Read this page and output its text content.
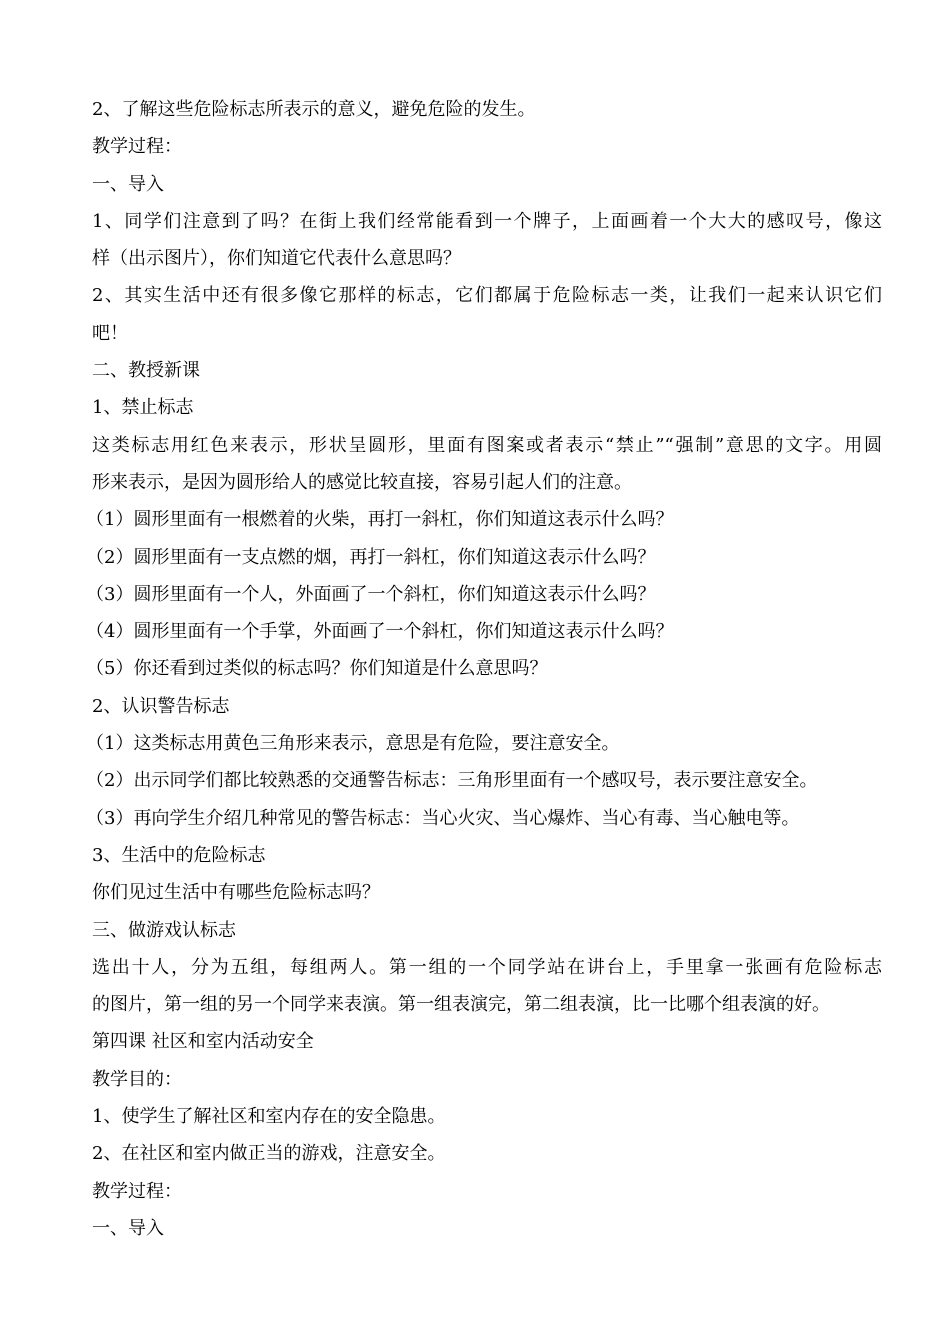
2、了解这些危险标志所表示的意义，避免危险的发生。
教学过程：
一、导入
1、同学们注意到了吗？在街上我们经常能看到一个牌子，上面画着一个大大的感叹号，像这
样（出示图片），你们知道它代表什么意思吗？
2、其实生活中还有很多像它那样的标志，它们都属于危险标志一类，让我们一起来认识它们
吧！
二、教授新课
1、禁止标志
这类标志用红色来表示，形状呈圆形，里面有图案或者表示“禁止”“强制”意思的文字。用圆
形来表示，是因为圆形给人的感觉比较直接，容易引起人们的注意。
（1）圆形里面有一根燃着的火柴，再打一斜杠，你们知道这表示什么吗？
（2）圆形里面有一支点燃的烟，再打一斜杠，你们知道这表示什么吗？
（3）圆形里面有一个人，外面画了一个斜杠，你们知道这表示什么吗？
（4）圆形里面有一个手掌，外面画了一个斜杠，你们知道这表示什么吗？
（5）你还看到过类似的标志吗？你们知道是什么意思吗？
2、认识警告标志
（1）这类标志用黄色三角形来表示，意思是有危险，要注意安全。
（2）出示同学们都比较熟悉的交通警告标志：三角形里面有一个感叹号，表示要注意安全。
（3）再向学生介绍几种常见的警告标志：当心火灾、当心爆炸、当心有毒、当心触电等。
3、生活中的危险标志
你们见过生活中有哪些危险标志吗？
三、做游戏认标志
选出十人，分为五组，每组两人。第一组的一个同学站在讲台上，手里拿一张画有危险标志
的图片，第一组的另一个同学来表演。第一组表演完，第二组表演，比一比哪个组表演的好。
第四课 社区和室内活动安全
教学目的：
1、使学生了解社区和室内存在的安全隐患。
2、在社区和室内做正当的游戏，注意安全。
教学过程：
一、导入
